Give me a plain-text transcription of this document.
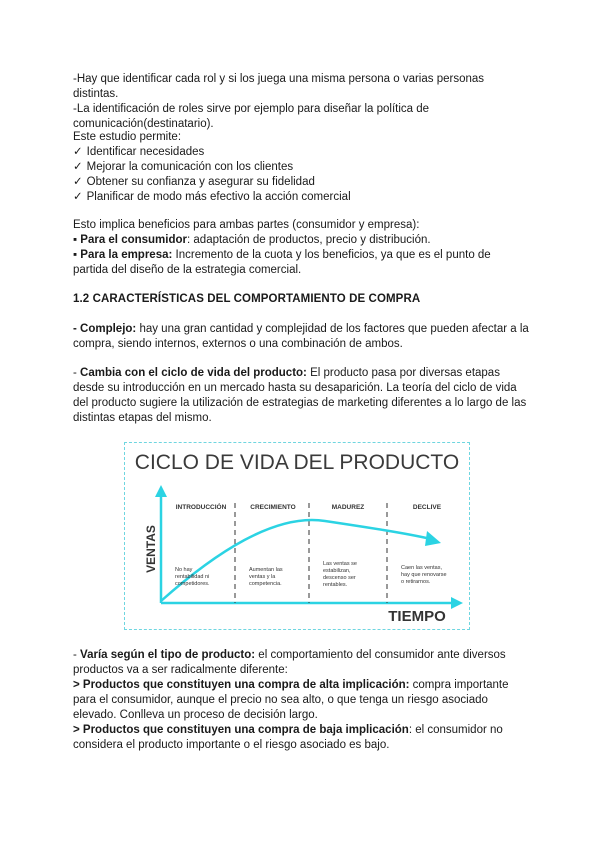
-Hay que identificar cada rol y si los juega una misma persona o varias personas distintas.

-La identificación de roles sirve por ejemplo para diseñar la política de comunicación(destinatario).

Este estudio permite:

✓ Identificar necesidades

✓ Mejorar la comunicación con los clientes

✓ Obtener su confianza y asegurar su fidelidad

✓ Planificar de modo más efectivo la acción comercial

Esto implica beneficios para ambas partes (consumidor y empresa):

▪ Para el consumidor: adaptación de productos, precio y distribución.

▪ Para la empresa: Incremento de la cuota y los beneficios, ya que es el punto de partida del diseño de la estrategia comercial.

1.2 CARACTERÍSTICAS DEL COMPORTAMIENTO DE COMPRA

- Complejo: hay una gran cantidad y complejidad de los factores que pueden afectar a la compra, siendo internos, externos o una combinación de ambos.

- Cambia con el ciclo de vida del producto: El producto pasa por diversas etapas desde su introducción en un mercado hasta su desaparición. La teoría del ciclo de vida del producto sugiere la utilización de estrategias de marketing diferentes a lo largo de las distintas etapas del mismo.

CICLO DE VIDA DEL PRODUCTO
VENTAS
TIEMPO
INTRODUCCIÓN	CRECIMIENTO	MADUREZ	DECLIVE
No hay
rentabilidad ni
competidores.
Aumentan las
ventas y la
competencia.
Las ventas se
estabilizan,
descenso ser
rentables.
Caen las ventas,
hay que renovarse
o retirarnos.

- Varía según el tipo de producto: el comportamiento del consumidor ante diversos productos va a ser radicalmente diferente:

> Productos que constituyen una compra de alta implicación: compra importante para el consumidor, aunque el precio no sea alto, o que tenga un riesgo asociado elevado. Conlleva un proceso de decisión largo.

> Productos que constituyen una compra de baja implicación: el consumidor no considera el producto importante o el riesgo asociado es bajo.
